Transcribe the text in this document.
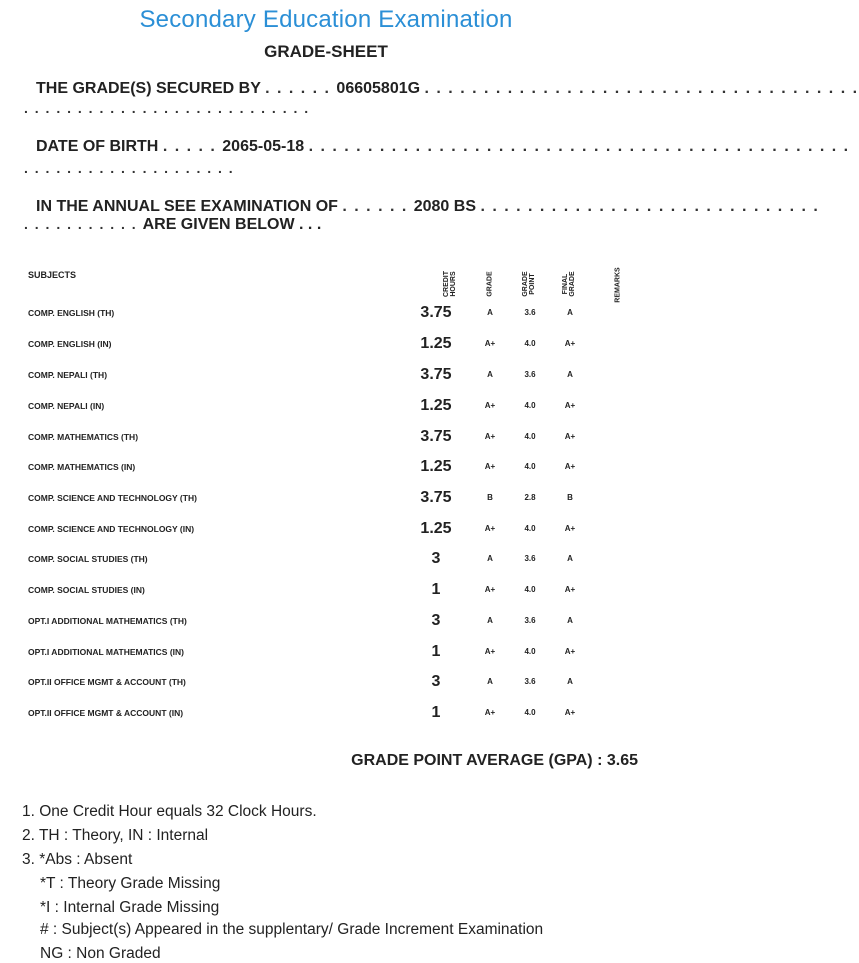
Secondary Education Examination
GRADE-SHEET
THE GRADE(S) SECURED BY . . . . . . 06605801G . . . . . . . . . . . . . . . . . . . . . . . . . . . . . . . . . . . . .
. . . . . . . . . . . . . . . . . . . . . . . . . . .
DATE OF BIRTH . . . . . 2065-05-18 . . . . . . . . . . . . . . . . . . . . . . . . . . . . . . . . . . . . . . . . . . . . . .
. . . . . . . . . . . . . . . . . . . .
IN THE ANNUAL SEE EXAMINATION OF . . . . . . 2080 BS . . . . . . . . . . . . . . . . . . . . . . . . . . . . .
. . . . . . . . . . . ARE GIVEN BELOW . . .
SUBJECTS	CREDIT HOURS	GRADE	GRADE POINT	FINAL GRADE	REMARKS
COMP. ENGLISH (TH)	3.75	A	3.6	A
COMP. ENGLISH (IN)	1.25	A+	4.0	A+
COMP. NEPALI (TH)	3.75	A	3.6	A
COMP. NEPALI (IN)	1.25	A+	4.0	A+
COMP. MATHEMATICS (TH)	3.75	A+	4.0	A+
COMP. MATHEMATICS (IN)	1.25	A+	4.0	A+
COMP. SCIENCE AND TECHNOLOGY (TH)	3.75	B	2.8	B
COMP. SCIENCE AND TECHNOLOGY (IN)	1.25	A+	4.0	A+
COMP. SOCIAL STUDIES (TH)	3	A	3.6	A
COMP. SOCIAL STUDIES (IN)	1	A+	4.0	A+
OPT.I ADDITIONAL MATHEMATICS (TH)	3	A	3.6	A
OPT.I ADDITIONAL MATHEMATICS (IN)	1	A+	4.0	A+
OPT.II OFFICE MGMT & ACCOUNT (TH)	3	A	3.6	A
OPT.II OFFICE MGMT & ACCOUNT (IN)	1	A+	4.0	A+
GRADE POINT AVERAGE (GPA) : 3.65
1. One Credit Hour equals 32 Clock Hours.
2. TH : Theory, IN : Internal
3. *Abs : Absent
*T : Theory Grade Missing
*I : Internal Grade Missing
# : Subject(s) Appeared in the supplentary/ Grade Increment Examination
NG : Non Graded
